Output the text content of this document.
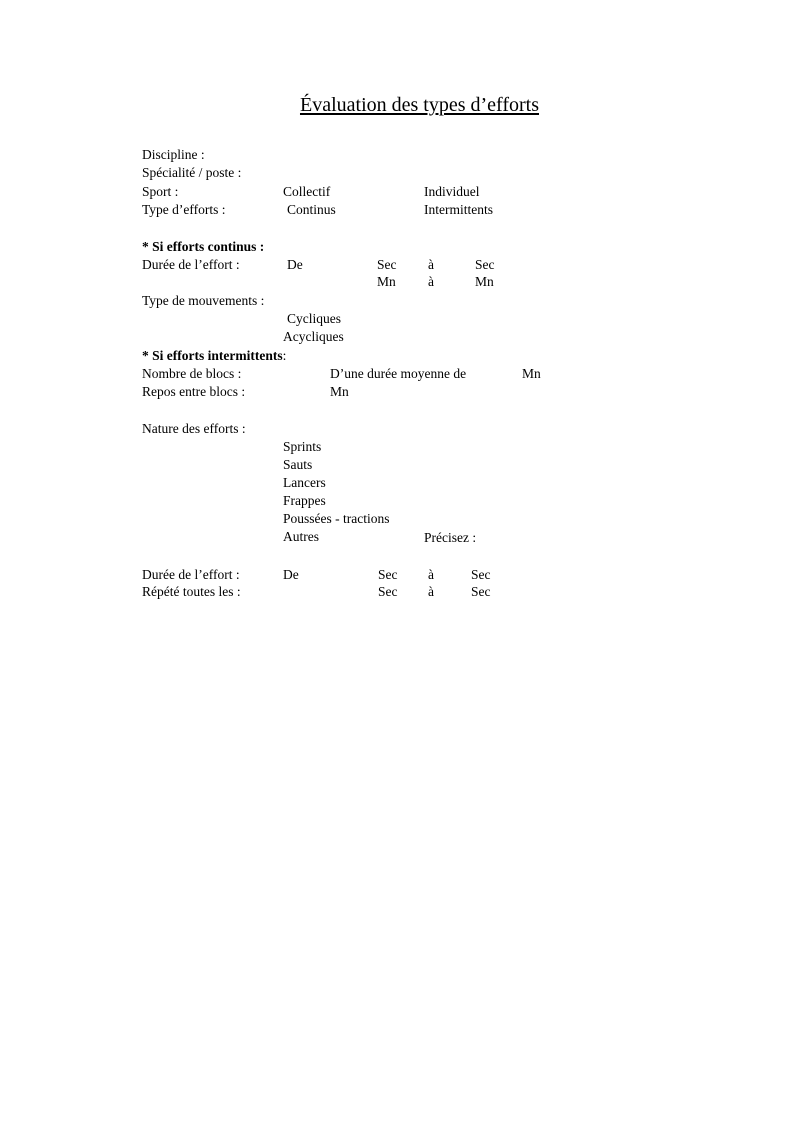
Évaluation des types d’efforts
Discipline :
Spécialité / poste :
Sport :	Collectif	Individuel
Type d’efforts :	Continus	Intermittents
* Si efforts continus :
Durée de l’effort :	De	Sec à	Sec
Mn à	Mn
Type de mouvements :
Cycliques
Acycliques
* Si efforts intermittents:
Nombre de blocs :	D’une durée moyenne de	Mn
Repos entre blocs :	Mn
Nature des efforts :
Sprints
Sauts
Lancers
Frappes
Poussées - tractions
Autres	Précisez :
Durée de l’effort :	De	Sec à	Sec
Répété toutes les :	Sec à	Sec
